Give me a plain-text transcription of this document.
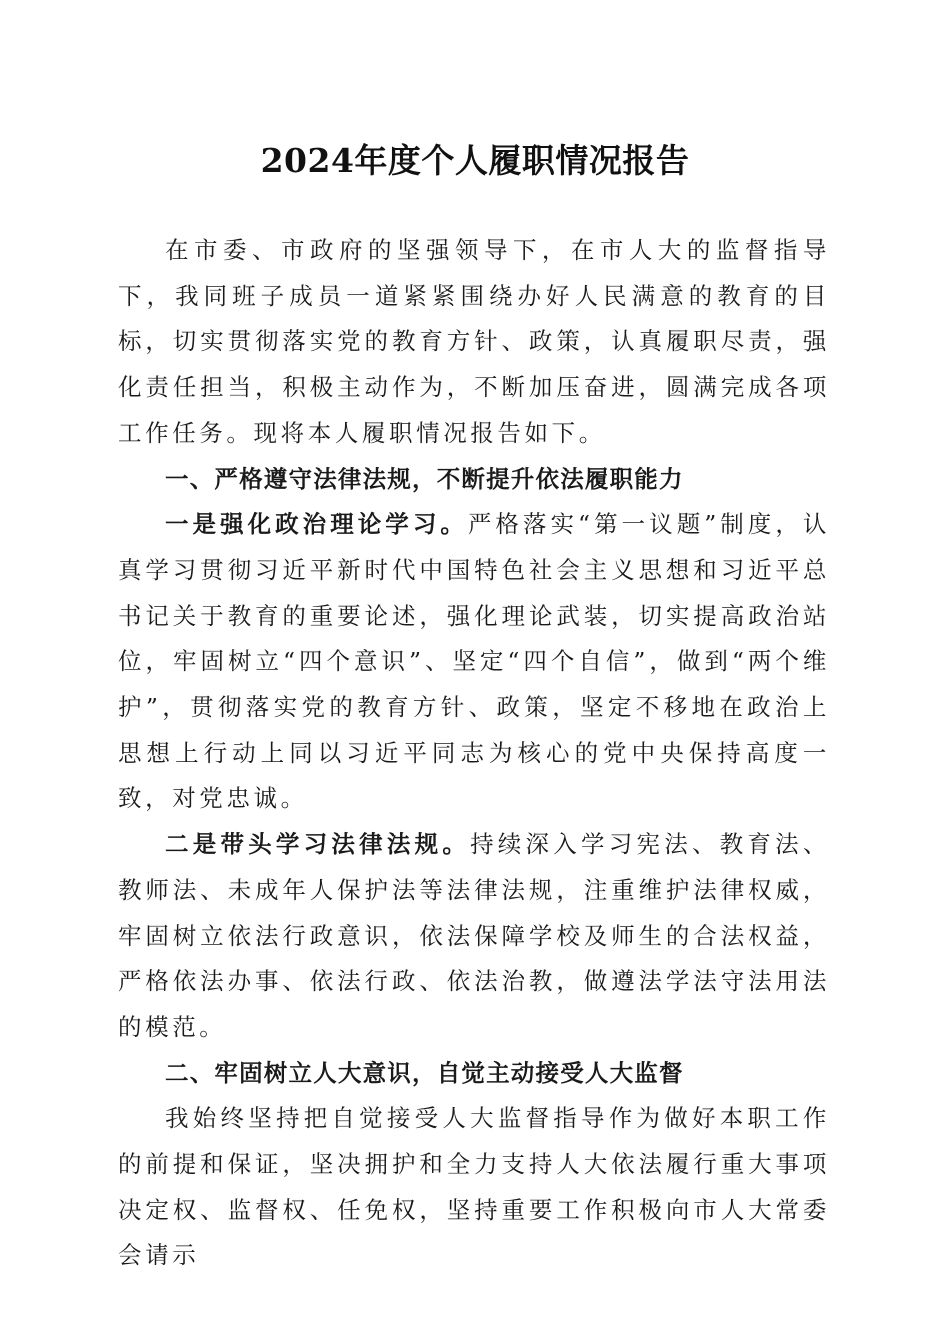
2024年度个人履职情况报告

在市委、市政府的坚强领导下，在市人大的监督指导下，我同班子成员一道紧紧围绕办好人民满意的教育的目标，切实贯彻落实党的教育方针、政策，认真履职尽责，强化责任担当，积极主动作为，不断加压奋进，圆满完成各项工作任务。现将本人履职情况报告如下。

一、严格遵守法律法规，不断提升依法履职能力

一是强化政治理论学习。严格落实“第一议题”制度，认真学习贯彻习近平新时代中国特色社会主义思想和习近平总书记关于教育的重要论述，强化理论武装，切实提高政治站位，牢固树立“四个意识”、坚定“四个自信”，做到“两个维护”，贯彻落实党的教育方针、政策，坚定不移地在政治上思想上行动上同以习近平同志为核心的党中央保持高度一致，对党忠诚。

二是带头学习法律法规。持续深入学习宪法、教育法、教师法、未成年人保护法等法律法规，注重维护法律权威，牢固树立依法行政意识，依法保障学校及师生的合法权益，严格依法办事、依法行政、依法治教，做遵法学法守法用法的模范。

二、牢固树立人大意识，自觉主动接受人大监督

我始终坚持把自觉接受人大监督指导作为做好本职工作的前提和保证，坚决拥护和全力支持人大依法履行重大事项决定权、监督权、任免权，坚持重要工作积极向市人大常委会请示
